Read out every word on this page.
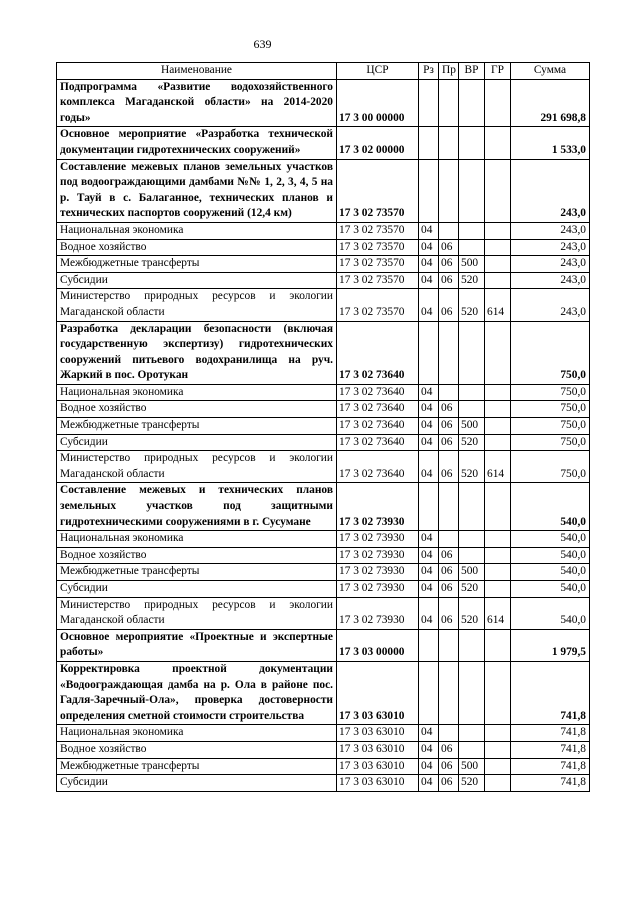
639
Наименование	ЦСР	Рз	Пр	ВР	ГР	Сумма
Подпрограмма «Развитие водохозяйственного комплекса Магаданской области» на 2014-2020 годы»	17 3 00 00000					291 698,8
Основное мероприятие «Разработка технической документации гидротехнических сооружений»	17 3 02 00000					1 533,0
Составление межевых планов земельных участков под водоограждающими дамбами №№ 1, 2, 3, 4, 5 на р. Тауй в с. Балаганное, технических планов и технических паспортов сооружений (12,4 км)	17 3 02 73570					243,0
Национальная экономика	17 3 02 73570	04				243,0
Водное хозяйство	17 3 02 73570	04	06			243,0
Межбюджетные трансферты	17 3 02 73570	04	06	500		243,0
Субсидии	17 3 02 73570	04	06	520		243,0
Министерство природных ресурсов и экологии Магаданской области	17 3 02 73570	04	06	520	614	243,0
Разработка декларации безопасности (включая государственную экспертизу) гидротехнических сооружений питьевого водохранилища на руч. Жаркий в пос. Оротукан	17 3 02 73640					750,0
Национальная экономика	17 3 02 73640	04				750,0
Водное хозяйство	17 3 02 73640	04	06			750,0
Межбюджетные трансферты	17 3 02 73640	04	06	500		750,0
Субсидии	17 3 02 73640	04	06	520		750,0
Министерство природных ресурсов и экологии Магаданской области	17 3 02 73640	04	06	520	614	750,0
Составление межевых и технических планов земельных участков под защитными гидротехническими сооружениями в г. Сусумане	17 3 02 73930					540,0
Национальная экономика	17 3 02 73930	04				540,0
Водное хозяйство	17 3 02 73930	04	06			540,0
Межбюджетные трансферты	17 3 02 73930	04	06	500		540,0
Субсидии	17 3 02 73930	04	06	520		540,0
Министерство природных ресурсов и экологии Магаданской области	17 3 02 73930	04	06	520	614	540,0
Основное мероприятие «Проектные и экспертные работы»	17 3 03 00000					1 979,5
Корректировка проектной документации «Водоограждающая дамба на р. Ола в районе пос. Гадля-Заречный-Ола», проверка достоверности определения сметной стоимости строительства	17 3 03 63010					741,8
Национальная экономика	17 3 03 63010	04				741,8
Водное хозяйство	17 3 03 63010	04	06			741,8
Межбюджетные трансферты	17 3 03 63010	04	06	500		741,8
Субсидии	17 3 03 63010	04	06	520		741,8
